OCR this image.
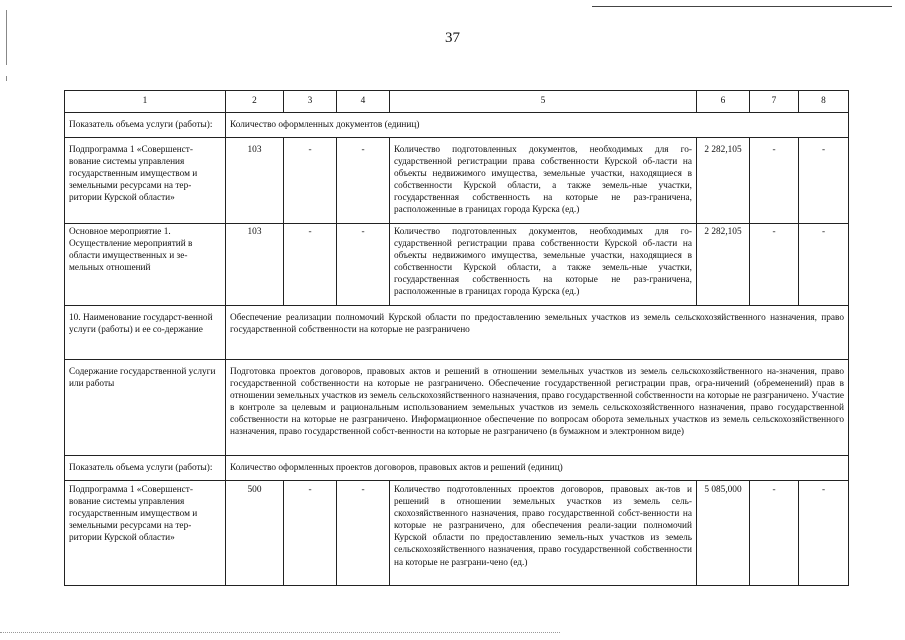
37
1	2	3	4	5	6	7	8
Показатель объема услуги (работы):	Количество оформленных документов (единиц)						
Подпрограмма 1 «Совершенст-вование системы управления государственным имуществом и земельными ресурсами на тер-ритории Курской области»	103	-	-	Количество подготовленных документов, необходимых для го-сударственной регистрации права собственности Курской об-ласти на объекты недвижимого имущества, земельные участки, находящиеся в собственности Курской области, а также земель-ные участки, государственная собственность на которые не раз-граничена, расположенные в границах города Курска (ед.)	2 282,105	-	-
Основное мероприятие 1. Осуществление мероприятий в области имущественных и зе-мельных отношений	103	-	-	Количество подготовленных документов, необходимых для го-сударственной регистрации права собственности Курской об-ласти на объекты недвижимого имущества, земельные участки, находящиеся в собственности Курской области, а также земель-ные участки, государственная собственность на которые не раз-граничена, расположенные в границах города Курска (ед.)	2 282,105	-	-
10. Наименование государст-венной услуги (работы) и ее со-держание	Обеспечение реализации полномочий Курской области по предоставлению земельных участков из земель сельскохозяйственного назначения, право государственной собственности на которые не разграничено						
Содержание государственной услуги или работы	Подготовка проектов договоров, правовых актов и решений в отношении земельных участков из земель сельскохозяйственного на-значения, право государственной собственности на которые не разграничено. Обеспечение государственной регистрации прав, огра-ничений (обременений) прав в отношении земельных участков из земель сельскохозяйственного назначения, право государственной собственности на которые не разграничено. Участие в контроле за целевым и рациональным использованием земельных участков из земель сельскохозяйственного назначения, право государственной собственности на которые не разграничено. Информационное обеспечение по вопросам оборота земельных участков из земель сельскохозяйственного назначения, право государственной собст-венности на которые не разграничено (в бумажном и электронном виде)						
Показатель объема услуги (работы):	Количество оформленных проектов договоров, правовых актов и решений (единиц)						
Подпрограмма 1 «Совершенст-вование системы управления государственным имуществом и земельными ресурсами на тер-ритории Курской области»	500	-	-	Количество подготовленных проектов договоров, правовых ак-тов и решений в отношении земельных участков из земель сель-скохозяйственного назначения, право государственной собст-венности на которые не разграничено, для обеспечения реали-зации полномочий Курской области по предоставлению земель-ных участков из земель сельскохозяйственного назначения, право государственной собственности на которые не разграни-чено (ед.)	5 085,000	-	-
